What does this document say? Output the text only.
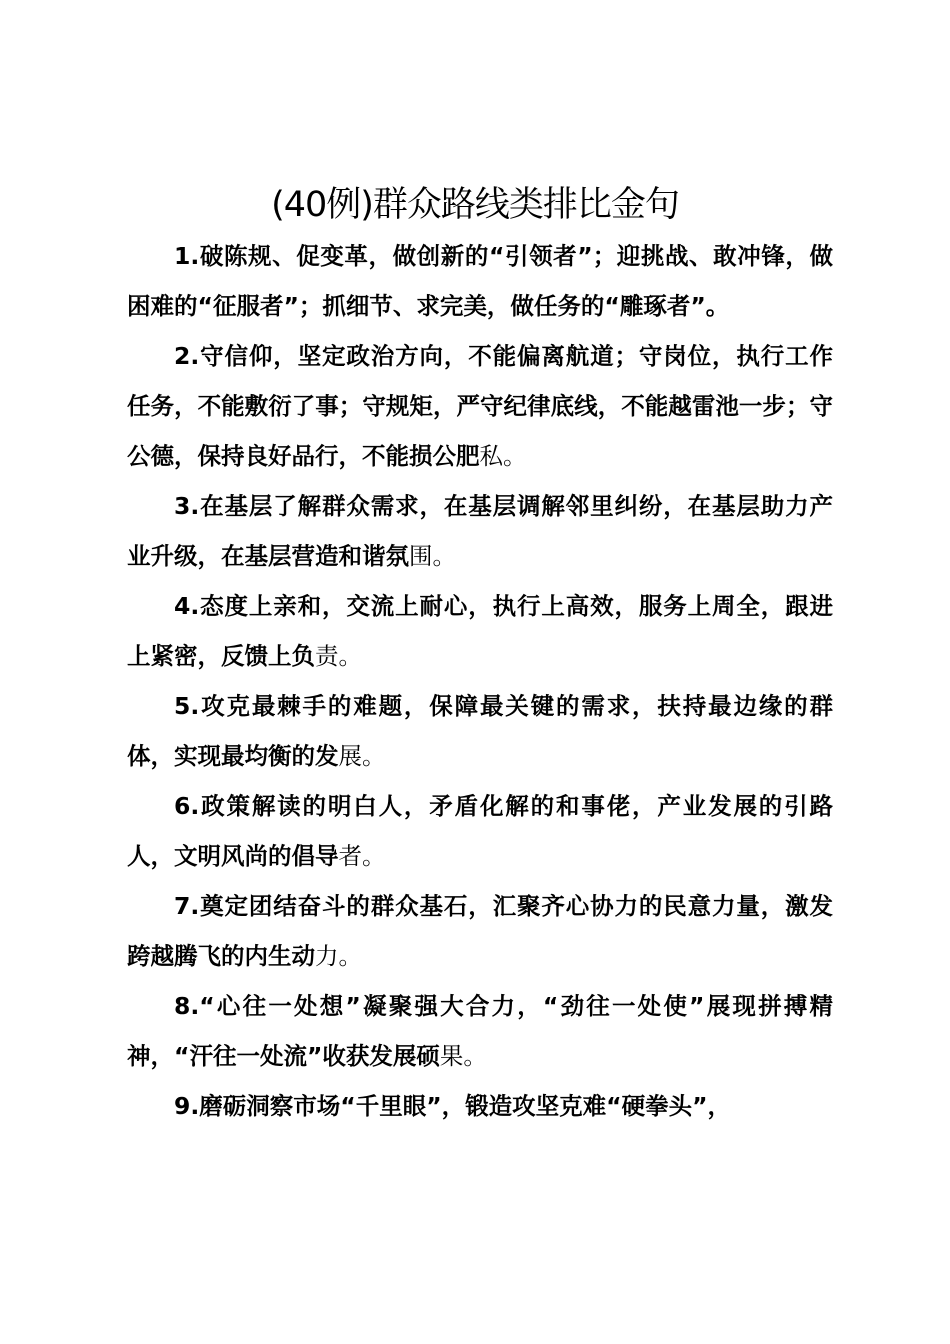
(40例)群众路线类排比金句

1.破陈规、促变革，做创新的“引领者”；迎挑战、敢冲锋，做困难的“征服者”；抓细节、求完美，做任务的“雕琢者”。

2.守信仰，坚定政治方向，不能偏离航道；守岗位，执行工作任务，不能敷衍了事；守规矩，严守纪律底线，不能越雷池一步；守公德，保持良好品行，不能损公肥私。

3.在基层了解群众需求，在基层调解邻里纠纷，在基层助力产业升级，在基层营造和谐氛围。

4.态度上亲和，交流上耐心，执行上高效，服务上周全，跟进上紧密，反馈上负责。

5.攻克最棘手的难题，保障最关键的需求，扶持最边缘的群体，实现最均衡的发展。

6.政策解读的明白人，矛盾化解的和事佬，产业发展的引路人，文明风尚的倡导者。

7.奠定团结奋斗的群众基石，汇聚齐心协力的民意力量，激发跨越腾飞的内生动力。

8.“心往一处想”凝聚强大合力，“劲往一处使”展现拼搏精神，“汗往一处流”收获发展硕果。

9.磨砺洞察市场“千里眼”，锻造攻坚克难“硬拳头”，
